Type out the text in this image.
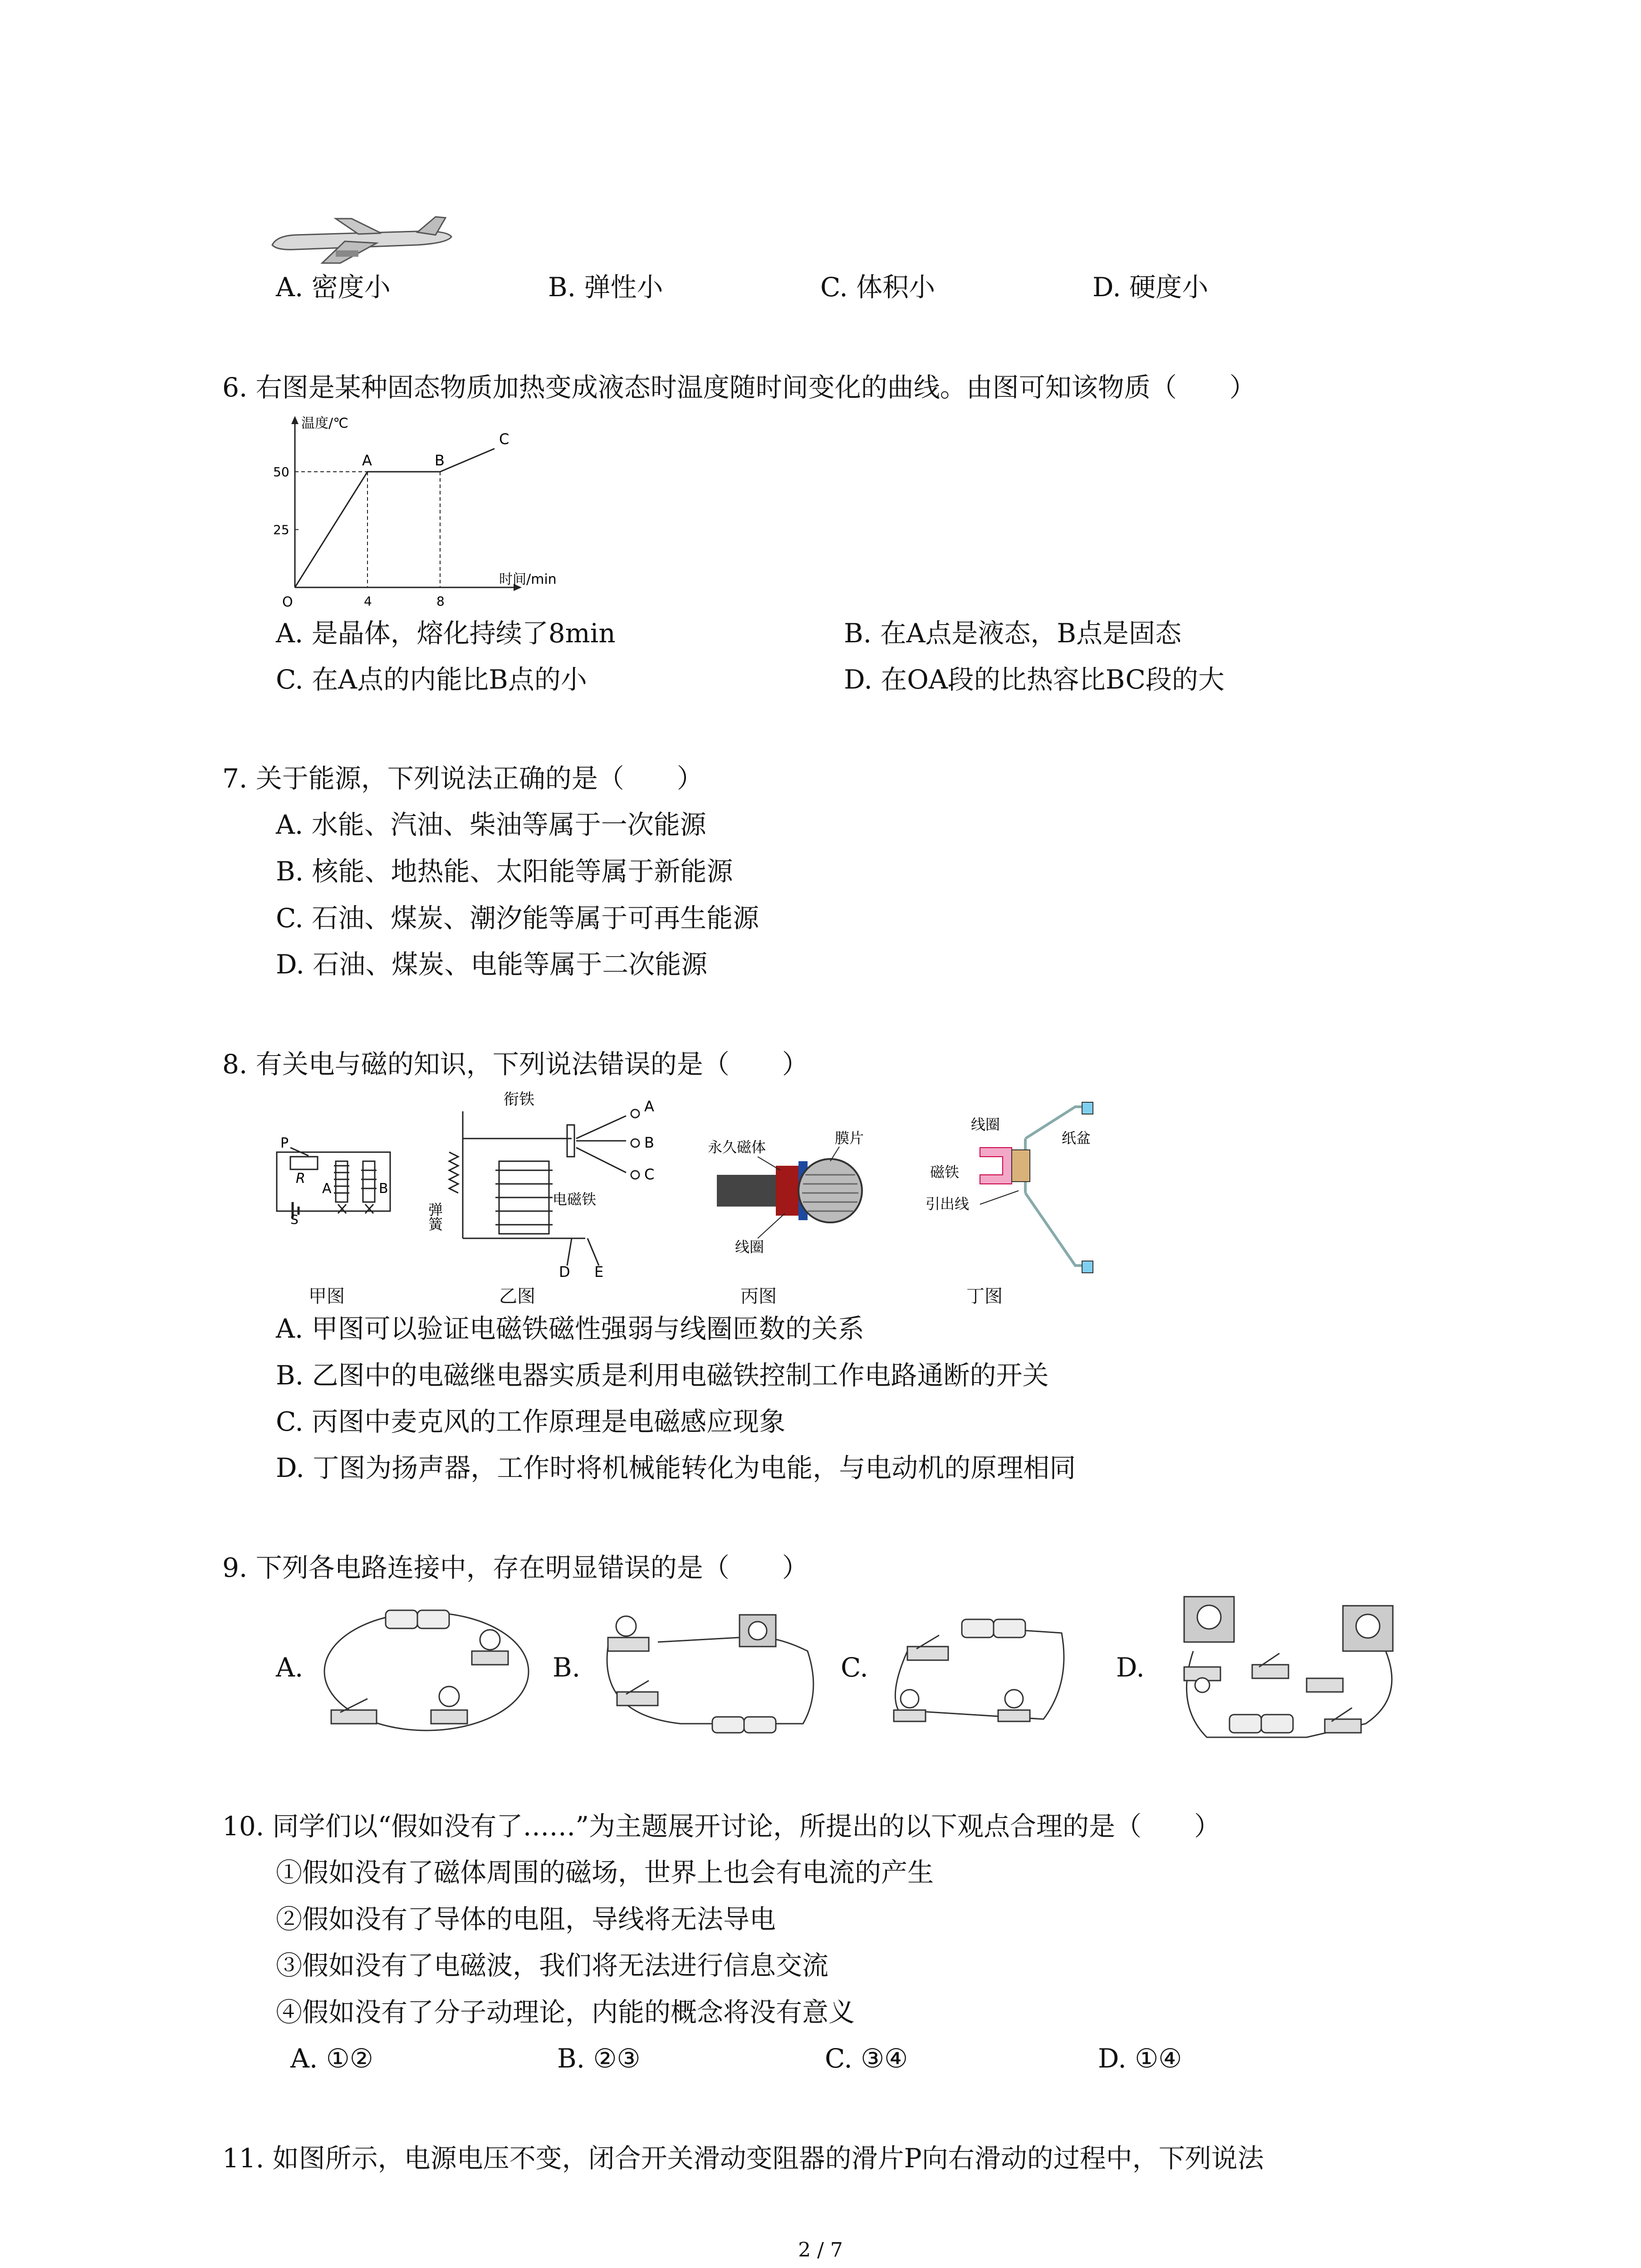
A. 密度小	B. 弹性小	C. 体积小	D. 硬度小
6. 右图是某种固态物质加热变成液态时温度随时间变化的曲线。由图可知该物质（　　）
温度/℃
时间/min
O
25
50
4	8
A	B
C
A. 是晶体，熔化持续了8min	B. 在A点是液态，B点是固态
C. 在A点的内能比B点的小	D. 在OA段的比热容比BC段的大
7. 关于能源，下列说法正确的是（　　）
A. 水能、汽油、柴油等属于一次能源
B. 核能、地热能、太阳能等属于新能源
C. 石油、煤炭、潮汐能等属于可再生能源
D. 石油、煤炭、电能等属于二次能源
8. 有关电与磁的知识，下列说法错误的是（　　）
P
R
A	B
S
衔铁	A
B
C
弹簧
电磁铁
D E
永久磁体
膜片
线圈
线圈
纸盆
磁铁
引出线
甲图	乙图	丙图	丁图
A. 甲图可以验证电磁铁磁性强弱与线圈匝数的关系
B. 乙图中的电磁继电器实质是利用电磁铁控制工作电路通断的开关
C. 丙图中麦克风的工作原理是电磁感应现象
D. 丁图为扬声器，工作时将机械能转化为电能，与电动机的原理相同
9. 下列各电路连接中，存在明显错误的是（　　）
A.	B.	C.	D.
10. 同学们以“假如没有了……”为主题展开讨论，所提出的以下观点合理的是（　　）
①假如没有了磁体周围的磁场，世界上也会有电流的产生
②假如没有了导体的电阻，导线将无法导电
③假如没有了电磁波，我们将无法进行信息交流
④假如没有了分子动理论，内能的概念将没有意义
A. ①②	B. ②③	C. ③④	D. ①④
11. 如图所示，电源电压不变，闭合开关滑动变阻器的滑片P向右滑动的过程中，下列说法
2 / 7
